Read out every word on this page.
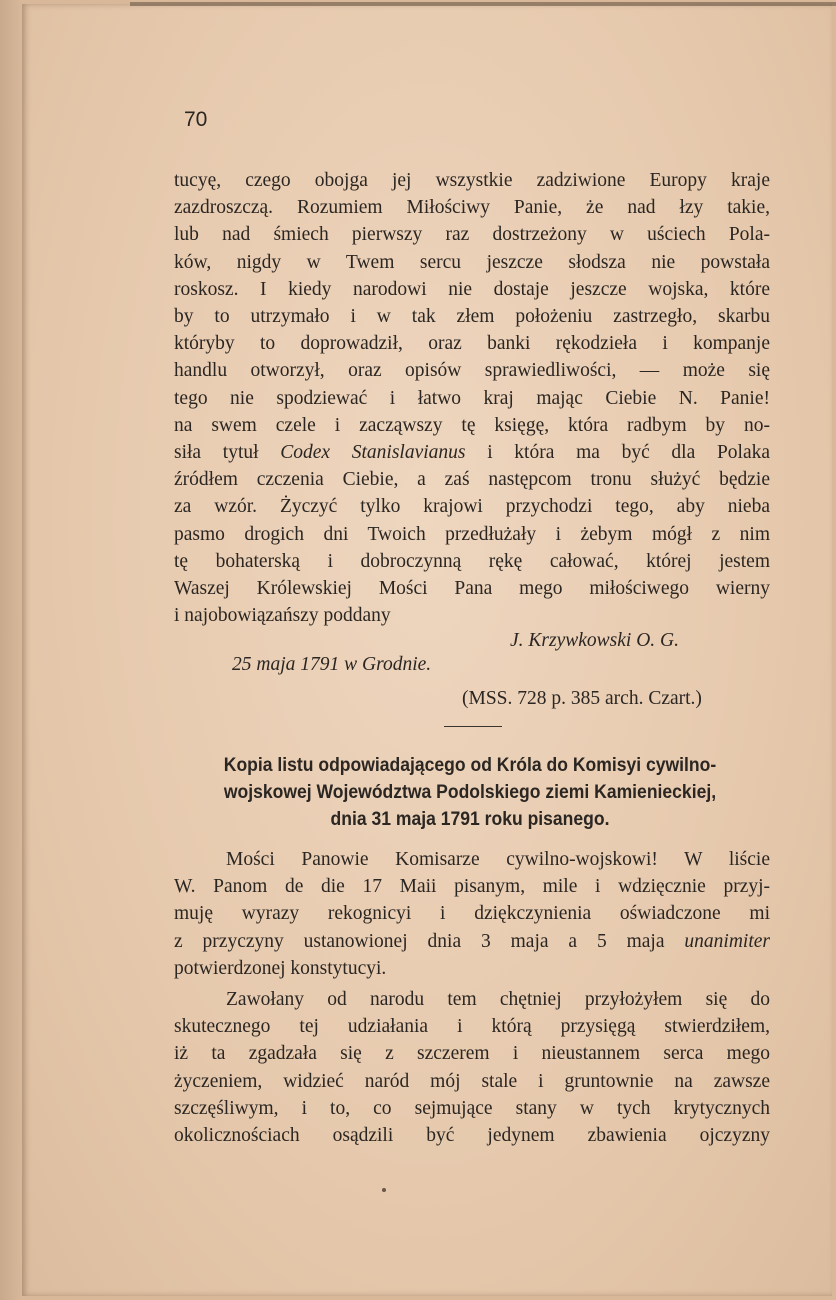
70
tucyę, czego obojga jej wszystkie zadziwione Europy kraje
zazdroszczą. Rozumiem Miłościwy Panie, że nad łzy takie,
lub nad śmiech pierwszy raz dostrzeżony w uściech Pola-
ków, nigdy w Twem sercu jeszcze słodsza nie powstała
roskosz. I kiedy narodowi nie dostaje jeszcze wojska, które
by to utrzymało i w tak złem położeniu zastrzegło, skarbu
któryby to doprowadził, oraz banki rękodzieła i kompanje
handlu otworzył, oraz opisów sprawiedliwości, — może się
tego nie spodziewać i łatwo kraj mając Ciebie N. Panie!
na swem czele i zacząwszy tę księgę, która radbym by no-
siła tytuł Codex Stanislavianus i która ma być dla Polaka
źródłem czczenia Ciebie, a zaś następcom tronu służyć będzie
za wzór. Życzyć tylko krajowi przychodzi tego, aby nieba
pasmo drogich dni Twoich przedłużały i żebym mógł z nim
tę bohaterską i dobroczynną rękę całować, której jestem
Waszej Królewskiej Mości Pana mego miłościwego wierny
i najobowiązańszy poddany
J. Krzywkowski O. G.
25 maja 1791 w Grodnie.
(MSS. 728 p. 385 arch. Czart.)
Kopia listu odpowiadającego od Króla do Komisyi cywilno-
wojskowej Województwa Podolskiego ziemi Kamienieckiej,
dnia 31 maja 1791 roku pisanego.
Mości Panowie Komisarze cywilno-wojskowi! W liście
W. Panom de die 17 Maii pisanym, mile i wdzięcznie przyj-
muję wyrazy rekognicyi i dziękczynienia oświadczone mi
z przyczyny ustanowionej dnia 3 maja a 5 maja unanimiter
potwierdzonej konstytucyi.
Zawołany od narodu tem chętniej przyłożyłem się do
skutecznego tej udziałania i którą przysięgą stwierdziłem,
iż ta zgadzała się z szczerem i nieustannem serca mego
życzeniem, widzieć naród mój stale i gruntownie na zawsze
szczęśliwym, i to, co sejmujące stany w tych krytycznych
okolicznościach osądzili być jedynem zbawienia ojczyzny
